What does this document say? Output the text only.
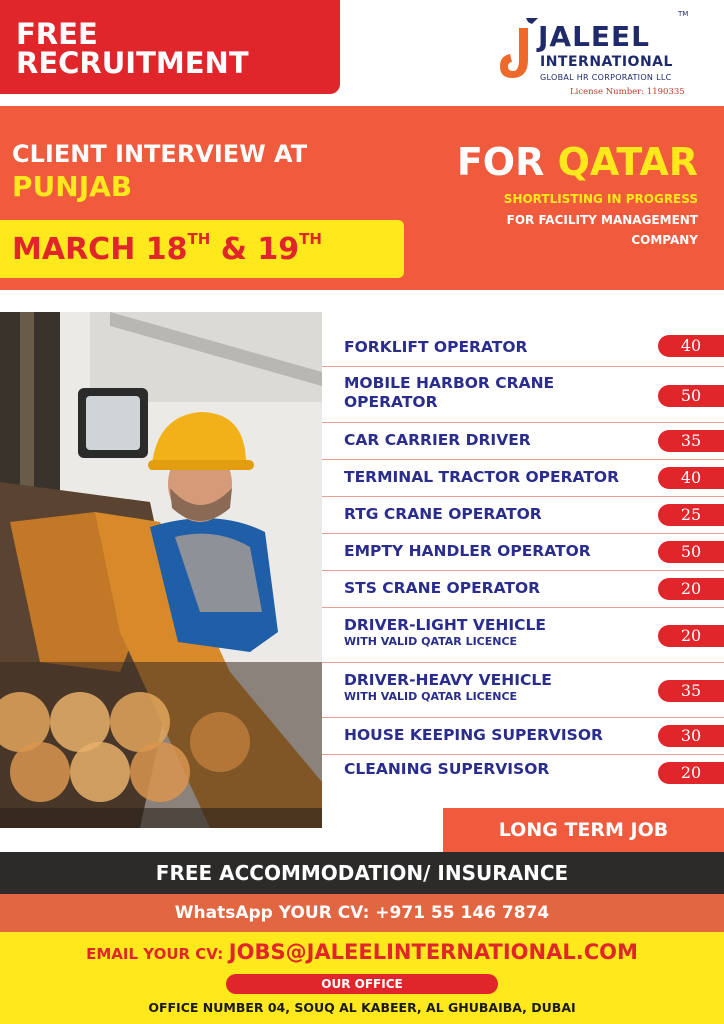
FREE
RECRUITMENT
TM
JALEEL
INTERNATIONAL
GLOBAL HR CORPORATION LLC
License Number: 1190335
CLIENT INTERVIEW AT
PUNJAB
MARCH 18TH & 19TH
FOR QATAR
SHORTLISTING IN PROGRESS
FOR FACILITY MANAGEMENT COMPANY
FORKLIFT OPERATOR	40
MOBILE HARBOR CRANE OPERATOR	50
CAR CARRIER DRIVER	35
TERMINAL TRACTOR OPERATOR	40
RTG CRANE OPERATOR	25
EMPTY HANDLER OPERATOR	50
STS CRANE OPERATOR	20
DRIVER-LIGHT VEHICLE
WITH VALID QATAR LICENCE	20
DRIVER-HEAVY VEHICLE
WITH VALID QATAR LICENCE	35
HOUSE KEEPING SUPERVISOR	30
CLEANING SUPERVISOR	20
LONG TERM JOB
FREE ACCOMMODATION/ INSURANCE
WhatsApp YOUR CV: +971 55 146 7874
EMAIL YOUR CV: JOBS@JALEELINTERNATIONAL.COM
OUR OFFICE
OFFICE NUMBER 04, SOUQ AL KABEER, AL GHUBAIBA, DUBAI
